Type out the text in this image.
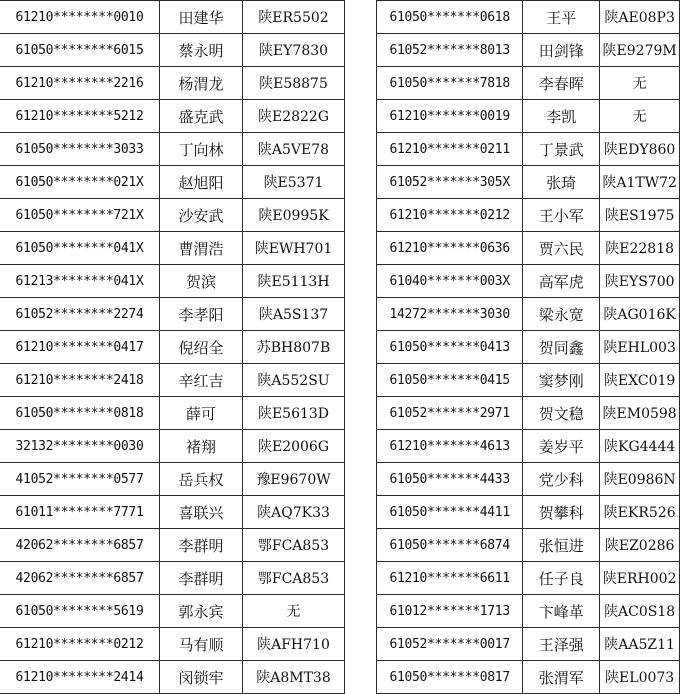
61210********0010	田建华	陕ER5502
61050********6015	蔡永明	陕EY7830
61210********2216	杨渭龙	陕E58875
61210********5212	盛克武	陕E2822G
61050********3033	丁向林	陕A5VE78
61050********021X	赵旭阳	陕E5371
61050********721X	沙安武	陕E0995K
61050********041X	曹渭浩	陕EWH701
61213********041X	贺滨	陕E5113H
61052********2274	李孝阳	陕A5S137
61210********0417	倪绍全	苏BH807B
61210********2418	辛红吉	陕A552SU
61050********0818	薛可	陕E5613D
32132********0030	褚翔	陕E2006G
41052********0577	岳兵权	豫E9670W
61011********7771	喜联兴	陕AQ7K33
42062********6857	李群明	鄂FCA853
42062********6857	李群明	鄂FCA853
61050********5619	郭永宾	无
61210********0212	马有顺	陕AFH710
61210********2414	闵锁牢	陕A8MT38
61050*******0618	王平	陕AE08P3
61052*******8013	田剑锋	陕E9279M
61050*******7818	李春晖	无
61210*******0019	李凯	无
61210*******0211	丁景武	陕EDY860
61052*******305X	张琦	陕A1TW72
61210*******0212	王小军	陕ES1975
61210*******0636	贾六民	陕E22818
61040*******003X	高军虎	陕EYS700
14272*******3030	梁永宽	陕AG016K
61050*******0413	贺同鑫	陕EHL003
61050*******0415	窦梦刚	陕EXC019
61052*******2971	贺文稳	陕EM0598
61210*******4613	姜岁平	陕KG4444
61050*******4433	党少科	陕E0986N
61050*******4411	贺攀科	陕EKR526
61050*******6874	张恒进	陕EZ0286
61210*******6611	任子良	陕ERH002
61012*******1713	卞峰革	陕AC0S18
61052*******0017	王泽强	陕AA5Z11
61050*******0817	张渭军	陕EL0073
